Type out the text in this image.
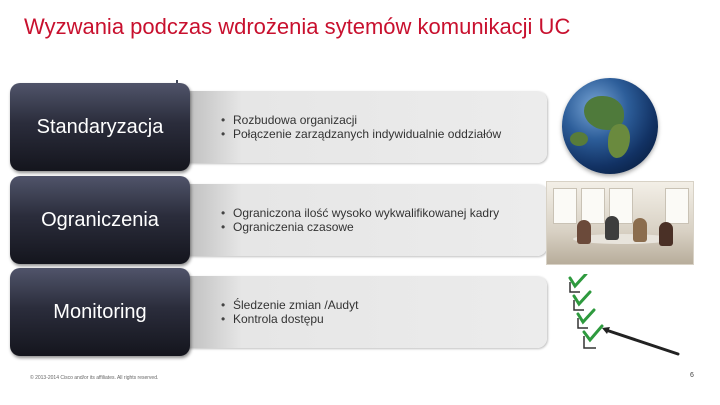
Wyzwania podczas wdrożenia sytemów komunikacji UC
• Rozbudowa organizacji
• Połączenie zarządzanych indywidualnie oddziałów
Standaryzacja
• Ograniczona ilość wysoko wykwalifikowanej kadry
• Ograniczenia czasowe
Ograniczenia
• Śledzenie zmian /Audyt
• Kontrola dostępu
Monitoring
© 2013-2014 Cisco and/or its affiliates. All rights reserved.	6
